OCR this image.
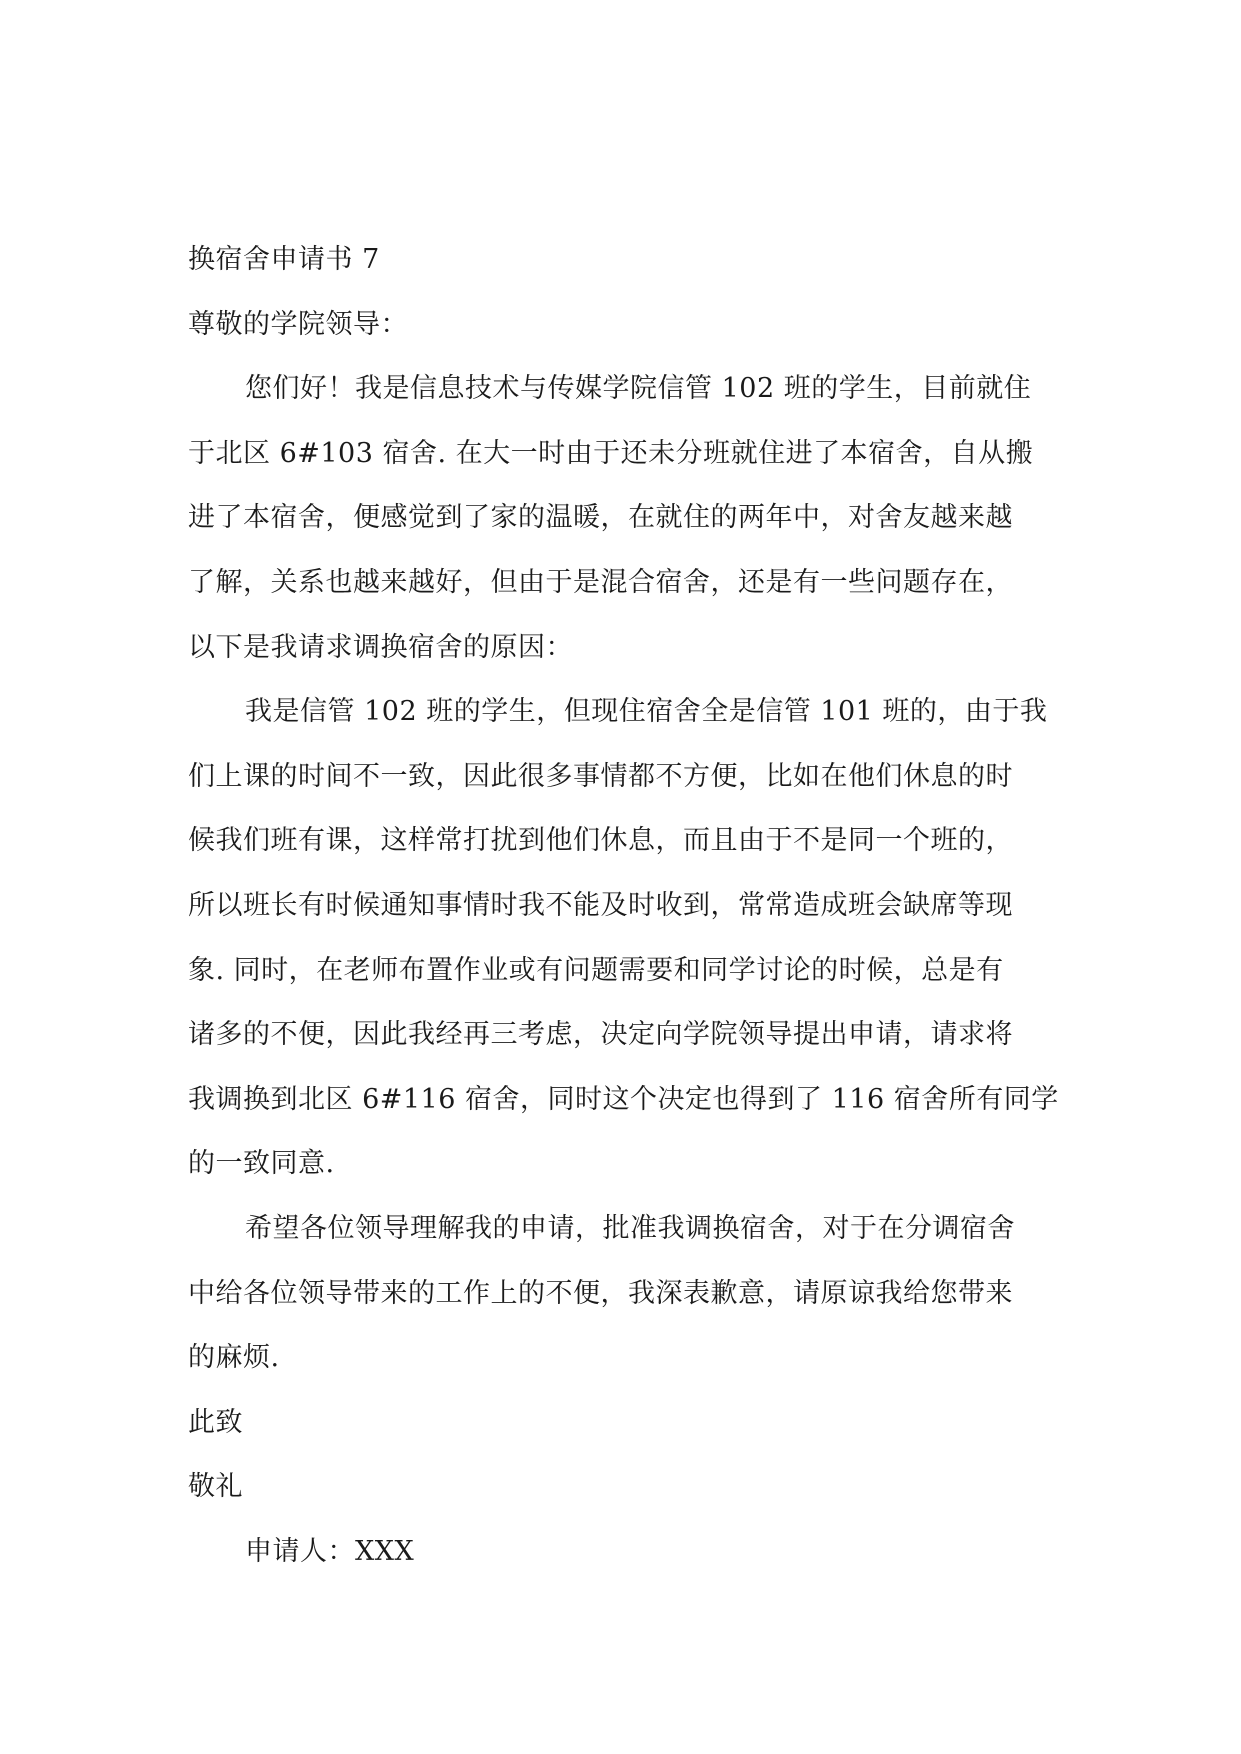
换宿舍申请书 7
尊敬的学院领导：
您们好！我是信息技术与传媒学院信管 102 班的学生，目前就住
于北区 6#103 宿舍. 在大一时由于还未分班就住进了本宿舍，自从搬
进了本宿舍，便感觉到了家的温暖，在就住的两年中，对舍友越来越
了解，关系也越来越好，但由于是混合宿舍，还是有一些问题存在，
以下是我请求调换宿舍的原因：
我是信管 102 班的学生，但现住宿舍全是信管 101 班的，由于我
们上课的时间不一致，因此很多事情都不方便，比如在他们休息的时
候我们班有课，这样常打扰到他们休息，而且由于不是同一个班的，
所以班长有时候通知事情时我不能及时收到，常常造成班会缺席等现
象. 同时，在老师布置作业或有问题需要和同学讨论的时候，总是有
诸多的不便，因此我经再三考虑，决定向学院领导提出申请，请求将
我调换到北区 6#116 宿舍，同时这个决定也得到了 116 宿舍所有同学
的一致同意.
希望各位领导理解我的申请，批准我调换宿舍，对于在分调宿舍
中给各位领导带来的工作上的不便，我深表歉意，请原谅我给您带来
的麻烦.
此致
敬礼
申请人：XXX
